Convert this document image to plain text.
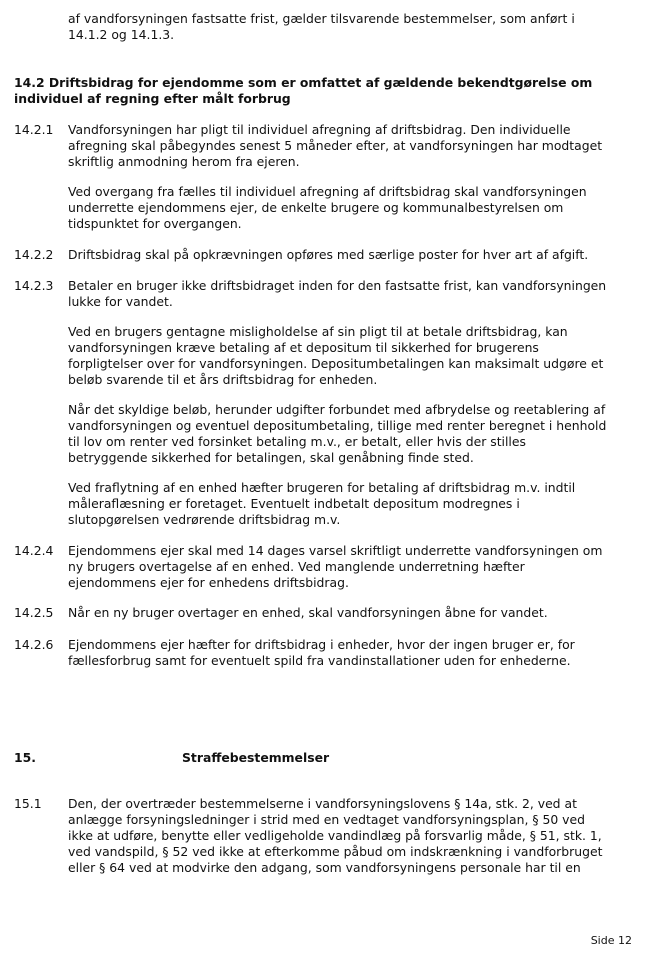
af vandforsyningen fastsatte frist, gælder tilsvarende bestemmelser, som anført i
14.1.2 og 14.1.3.
14.2 Driftsbidrag for ejendomme som er omfattet af gældende bekendtgørelse om
individuel af regning efter målt forbrug
14.2.1 Vandforsyningen har pligt til individuel afregning af driftsbidrag. Den individuelle
afregning skal påbegyndes senest 5 måneder efter, at vandforsyningen har modtaget
skriftlig anmodning herom fra ejeren.
Ved overgang fra fælles til individuel afregning af driftsbidrag skal vandforsyningen
underrette ejendommens ejer, de enkelte brugere og kommunalbestyrelsen om
tidspunktet for overgangen.
14.2.2 Driftsbidrag skal på opkrævningen opføres med særlige poster for hver art af afgift.
14.2.3 Betaler en bruger ikke driftsbidraget inden for den fastsatte frist, kan vandforsyningen
lukke for vandet.
Ved en brugers gentagne misligholdelse af sin pligt til at betale driftsbidrag, kan
vandforsyningen kræve betaling af et depositum til sikkerhed for brugerens
forpligtelser over for vandforsyningen. Depositumbetalingen kan maksimalt udgøre et
beløb svarende til et års driftsbidrag for enheden.
Når det skyldige beløb, herunder udgifter forbundet med afbrydelse og reetablering af
vandforsyningen og eventuel depositumbetaling, tillige med renter beregnet i henhold
til lov om renter ved forsinket betaling m.v., er betalt, eller hvis der stilles
betryggende sikkerhed for betalingen, skal genåbning finde sted.
Ved fraflytning af en enhed hæfter brugeren for betaling af driftsbidrag m.v. indtil
måleraflæsning er foretaget. Eventuelt indbetalt depositum modregnes i
slutopgørelsen vedrørende driftsbidrag m.v.
14.2.4 Ejendommens ejer skal med 14 dages varsel skriftligt underrette vandforsyningen om
ny brugers overtagelse af en enhed. Ved manglende underretning hæfter
ejendommens ejer for enhedens driftsbidrag.
14.2.5 Når en ny bruger overtager en enhed, skal vandforsyningen åbne for vandet.
14.2.6 Ejendommens ejer hæfter for driftsbidrag i enheder, hvor der ingen bruger er, for
fællesforbrug samt for eventuelt spild fra vandinstallationer uden for enhederne.
15.	Straffebestemmelser
15.1 Den, der overtræder bestemmelserne i vandforsyningslovens § 14a, stk. 2, ved at
anlægge forsyningsledninger i strid med en vedtaget vandforsyningsplan, § 50 ved
ikke at udføre, benytte eller vedligeholde vandindlæg på forsvarlig måde, § 51, stk. 1,
ved vandspild, § 52 ved ikke at efterkomme påbud om indskrænkning i vandforbruget
eller § 64 ved at modvirke den adgang, som vandforsyningens personale har til en
Side 12
